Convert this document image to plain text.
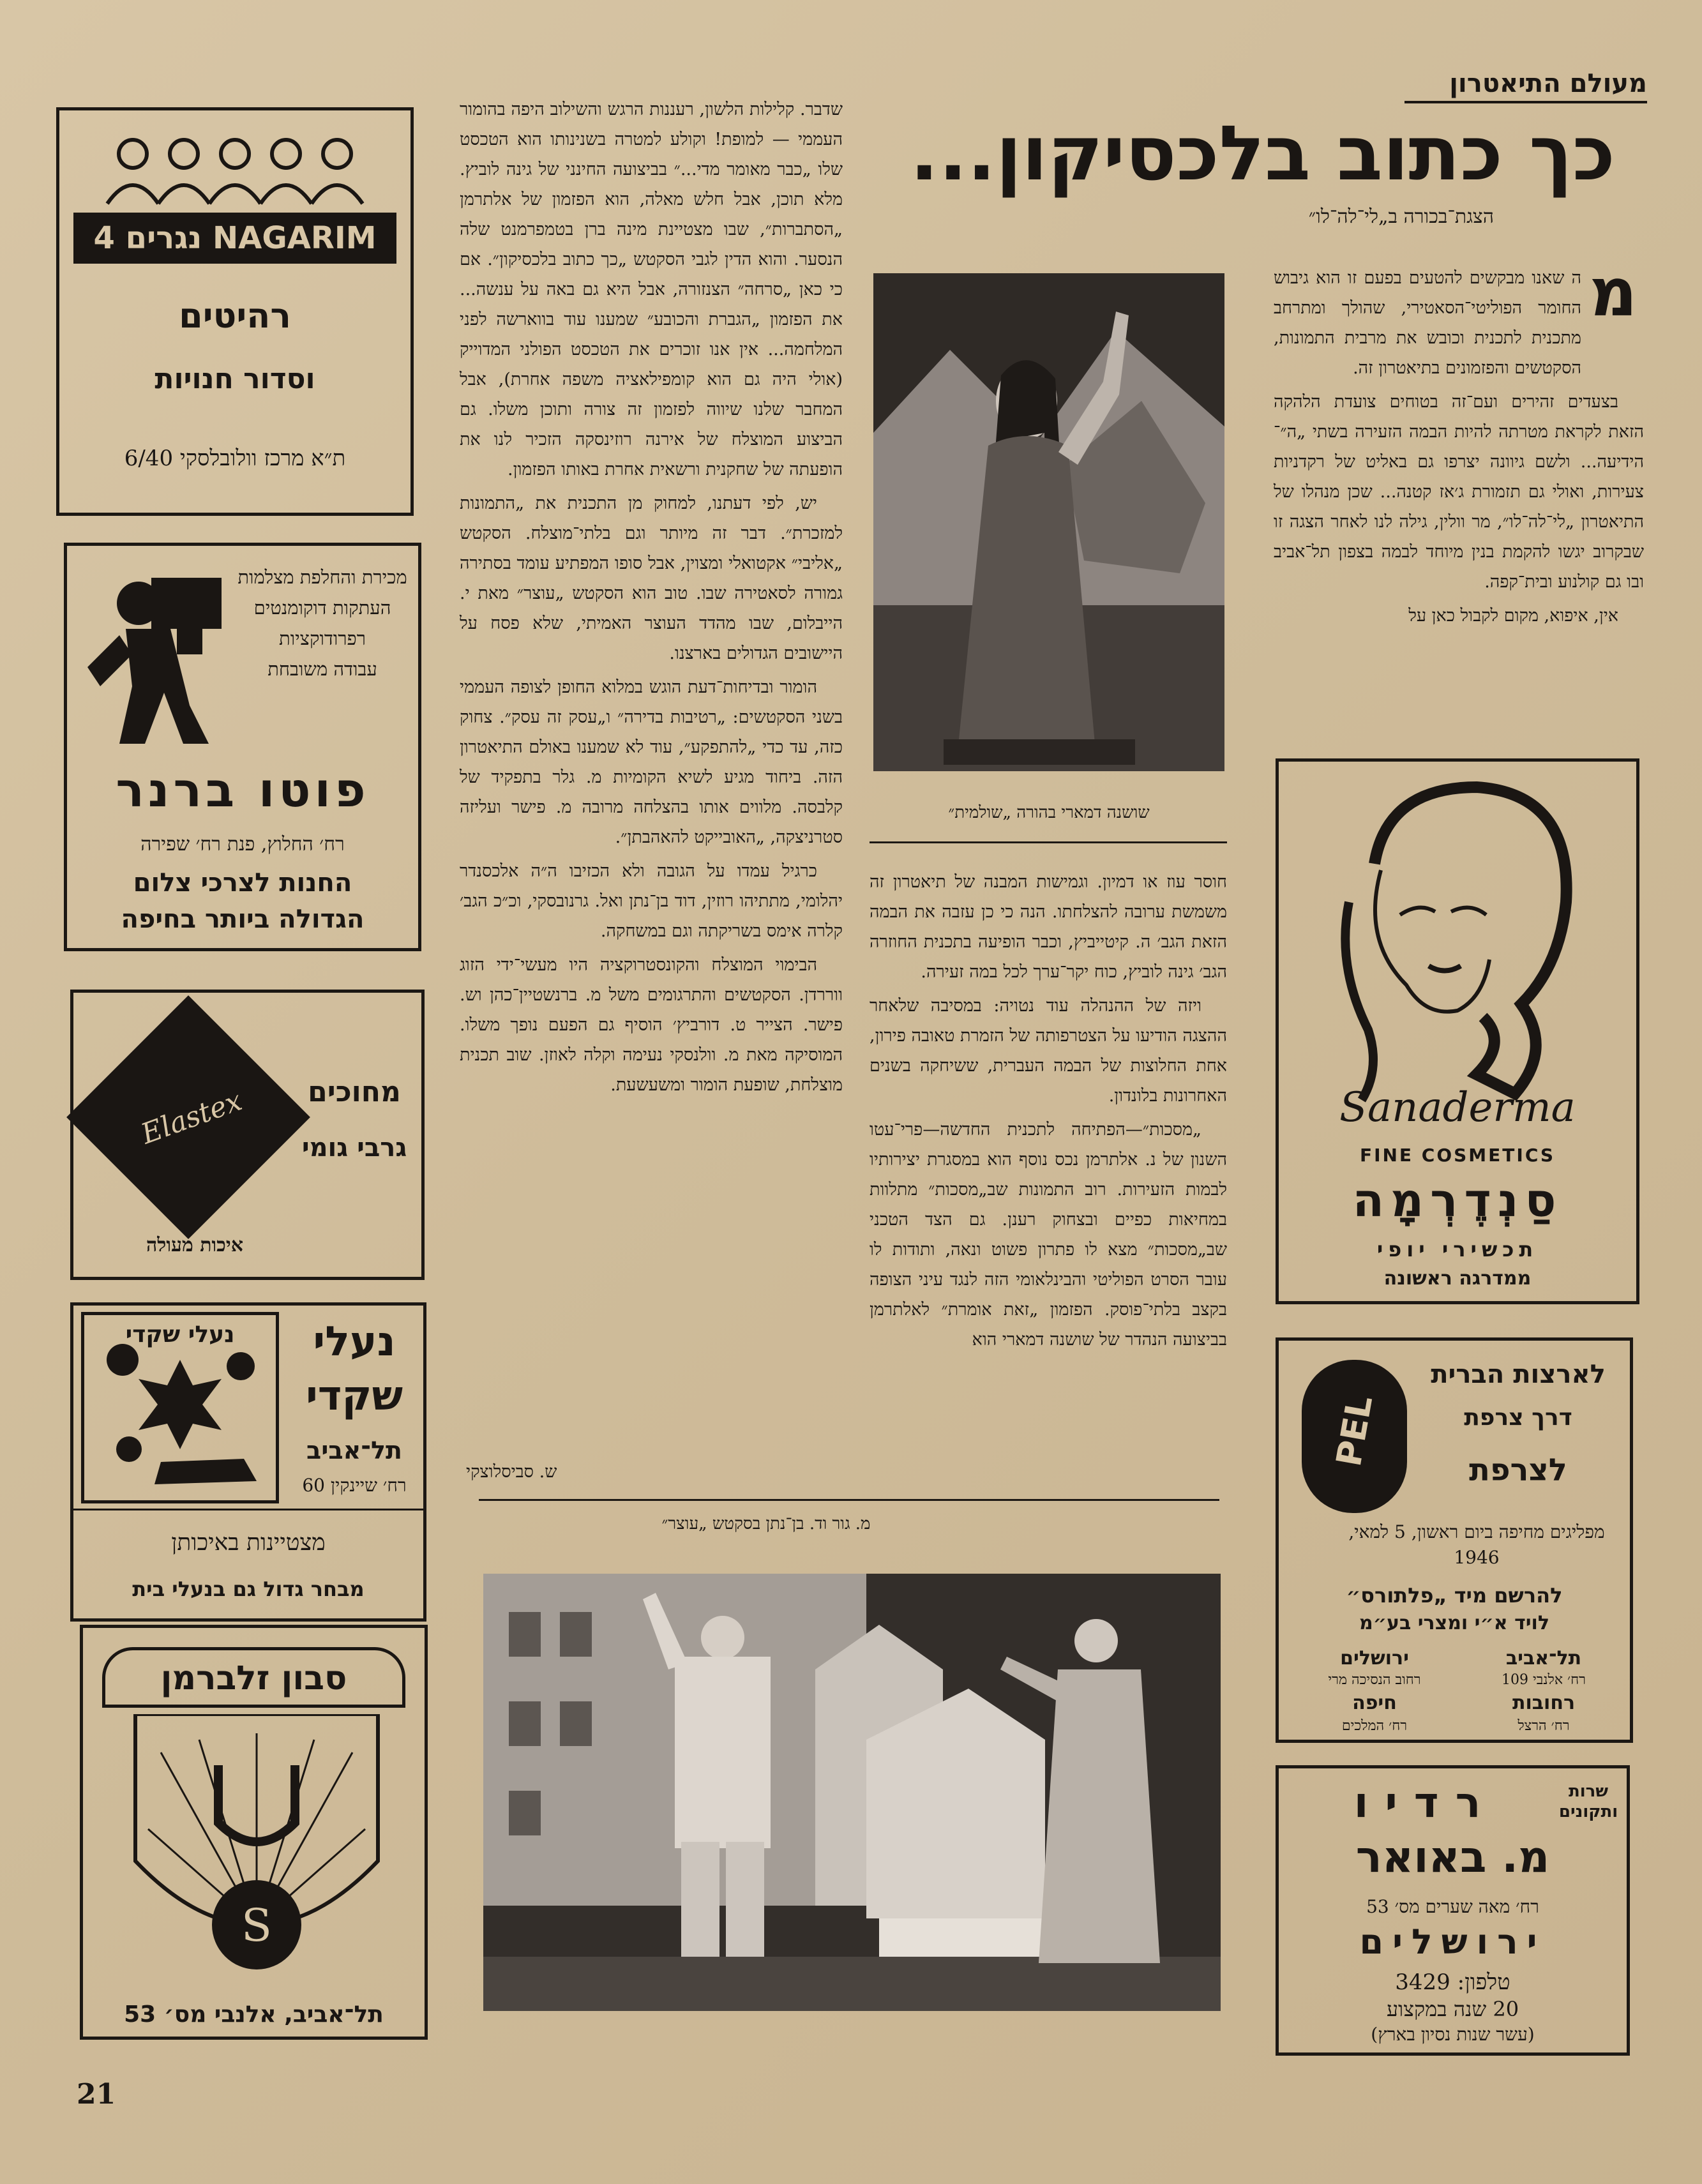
מעולם התיאטרון
כך כתוב בלכסיקון...
הצגת־בכורה ב„לי־לה־לו״
מ

ה שאנו מבקשים להטעים בפעם זו הוא גיבוש החומר הפוליטי־הסאטירי, שהולך ומתרחב מתכנית לתכנית וכובש את מרבית התמונות, הסקטשים והפזמונים בתיאטרון זה.

בצעדים זהירים ועם־זה בטוחים צועדת הלהקה הזאת לקראת מטרתה להיות הבמה הזעירה בשתי „ה״־הידיעה... ולשם גיוונה יצרפו גם באליט של רקדניות צעירות, ואולי גם תזמורת ג׳אז קטנה... שכן מנהלו של התיאטרון „לי־לה־לו״, מר וולין, גילה לנו לאחר הצגה זו שבקרוב יגשו להקמת בנין מיוחד לבמה בצפון תל־אביב ובו גם קולנוע ובית־קפה.

אין, איפוא, מקום לקבול כאן על

שושנה דמארי בהורה „שולמית״

חוסר עוז או דמיון. וגמישות המבנה של תיאטרון זה משמשת ערובה להצלחתו. הנה כי כן עזבה את הבמה הזאת הגב׳ ה. קיטייביץ, וכבר הופיעה בתכנית החוזרה הגב׳ גינה לוביץ, כוח יקר־ערך לכל במה זעירה.

ויזה של ההנהלה עוד נטויה: במסיבה שלאחר ההצגה הודיעו על הצטרפותה של הזמרת טאובה פירון, אחת החלוצות של הבמה העברית, ששיחקה בשנים האחרונות בלונדון.

„מסכות״—הפתיחה לתכנית החדשה—פרי־עטו השנון של נ. אלתרמן נכס נוסף הוא במסגרת יצירותיו לבמות הזעירות. רוב התמונות שב„מסכות״ מתלוות במחיאות כפיים ובצחוק רענן. גם הצד הטכני שב„מסכות״ מצא לו פתרון פשוט ונאה, ותודות לו עובר הסרט הפוליטי והבינלאומי הזה לנגד עיני הצופה בקצב בלתי־פוסק. הפזמון „זאת אומרת״ לאלתרמן בביצועה הנהדר של שושנה דמארי הוא

שדבר. קלילות הלשון, רעננות הרגש והשילוב היפה בהומור העממי — למופת! וקולע למטרה בשנינותו הוא הטכסט שלו „כבר מאומר מדי...״ בביצועה החינני של גינה לוביץ. מלא תוכן, אבל חלש מאלה, הוא הפזמון של אלתרמן „הסתברות״, שבו מצטיינת מינה ברן בטמפרמנט שלה הנסער. והוא הדין לגבי הסקטש „כך כתוב בלכסיקון״. אם כי כאן „סרחה״ הצנזורה, אבל היא גם באה על ענשה... את הפזמון „הגברת והכובע״ שמענו עוד בווארשה לפני המלחמה... אין אנו זוכרים את הטכסט הפולני המדוייק (אולי היה גם הוא קומפילאציה משפה אחרת), אבל המחבר שלנו שיווה לפזמון זה צורה ותוכן משלו. גם הביצוע המוצלח של אירנה רוזינסקה הזכיר לנו את הופעתה של שחקנית ורשאית אחרת באותו הפזמון.

יש, לפי דעתנו, למחוק מן התכנית את „התמונות למזכרת״. דבר זה מיותר וגם בלתי־מוצלח. הסקטש „אליבי״ אקטואלי ומצוין, אבל סופו המפתיע עומד בסתירה גמורה לסאטירה שבו. טוב הוא הסקטש „עוצר״ מאת י. הייבלום, שבו מהדד העוצר האמיתי, שלא פסח על היישובים הגדולים בארצנו.

הומור ובדיחות־דעת הוגש במלוא החופן לצופה העממי בשני הסקטשים: „רטיבות בדירה״ ו„עסק זה עסק״. צחוק כזה, עד כדי „להתפקע״, עוד לא שמענו באולם התיאטרון הזה. ביחוד מגיע לשיא הקומיות מ. גלר בתפקיד של קלבסה. מלווים אותו בהצלחה מרובה מ. פישר ועליזה סטרניצקה, „האובייקט להאהבתן״.

כרגיל עמדו על הגובה ולא הכזיבו ה״ה אלכסנדר יהלומי, מתתיהו רוזין, דוד בן־נתן ואל. גרנובסקי, וכ״כ הגב׳ קלרה אימס בשריקתה וגם במשחקה.

הבימוי המוצלח והקונסטרוקציה היו מעשי־ידי הזוג ווררדן. הסקטשים והתרגומים משל מ. ברנשטיין־כהן וש. פישר. הצייר ט. דורביץ׳ הוסיף גם הפעם נופך משלו. המוסיקה מאת מ. וולנסקי נעימה וקלה לאוזן. שוב תכנית מוצלחת, שופעת הומור ומשעשעת.

ש. סביסלוצקי
מ. גור וד. בן־נתן בסקטש „עוצר״
21
4 נגרים NAGARIM
רהיטים
וסדור חנויות
ת״א מרכז וולובלסקי 6/40
מכירת והחלפת מצלמות
העתקות דוקומנטים
רפרודוקציות
עבודה משובחת
פוטו ברנר
רח׳ החלוץ, פנת רח׳ שפירה
החנות לצרכי צלום
הגדולה ביותר בחיפה
Elastex	מחוכים
גרבי גומי
איכות מעולה
נעלי שקדי	נעלי
שקדי
תל־אביב
רח׳ שיינקין 60
מצטיינות באיכותן
מבחר גדול גם בנעלי בית
סבון זלברמן
S
תל־אביב, אלנבי מס׳ 53
Sanaderma
FINE COSMETICS
סַנְדֶרְמָה
תכשירי יופי
ממדרגה ראשונה
PEL
לארצות הברית
דרך צרפת
לצרפת
מפליגים מחיפה ביום ראשון, 5 למאי, 1946
להרשם מיד „פלתורס״
לויד א״י ומצרי בע״מ
תל־אביב
רח׳ אלנבי 109
ירושלים
רחוב הנסיכה מרי
רחובות
רח׳ הרצל
חיפה
רח׳ המלכים
שרות ותקונים
רדיו
מ. באואר
רח׳ מאה שערים מס׳ 53
ירושלים
טלפון: 3429
20 שנה במקצוע
(עשר שנות נסיון בארץ)
